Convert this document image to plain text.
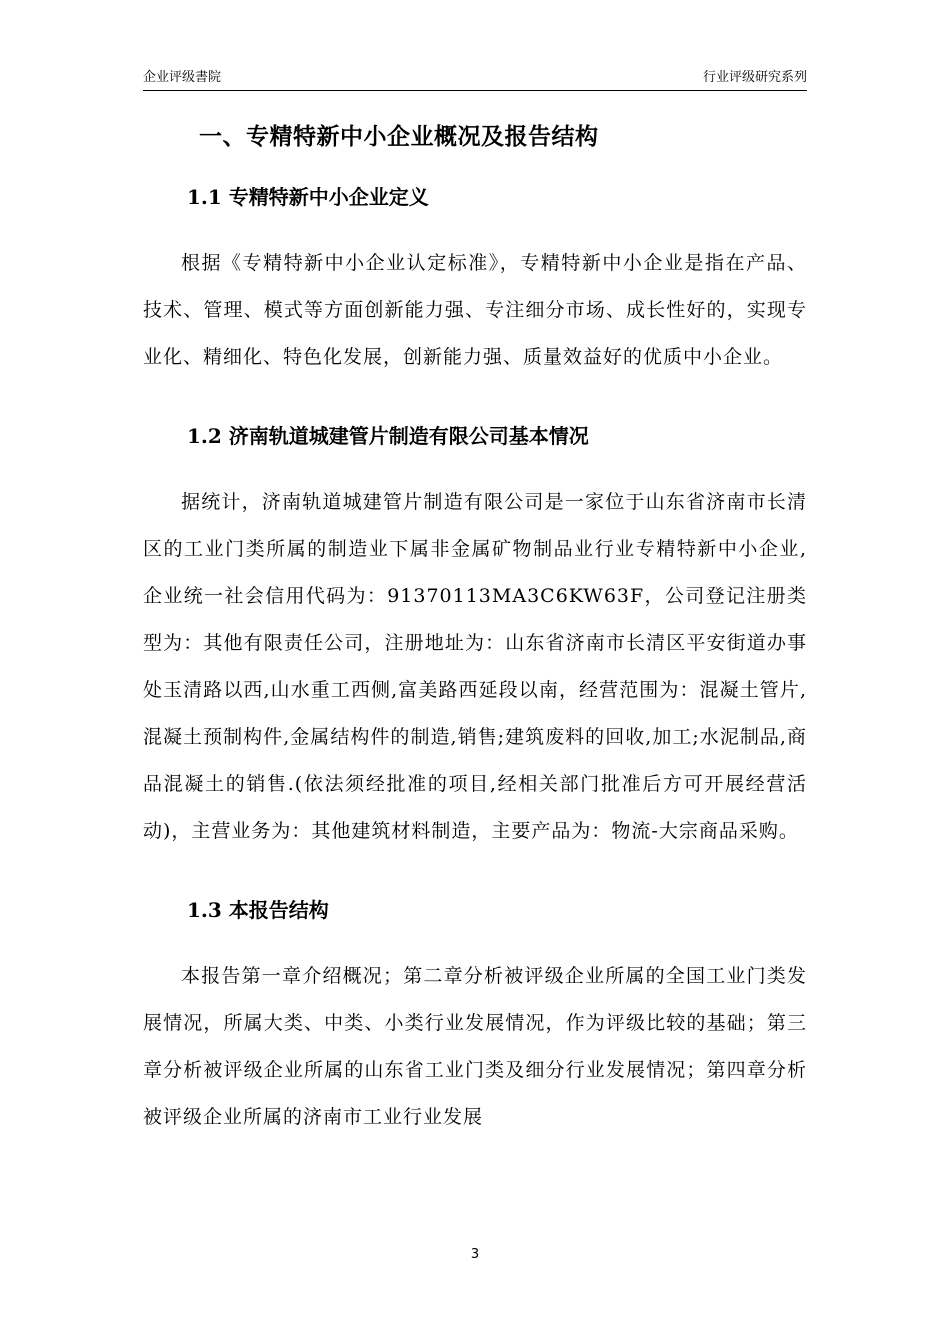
企业评级書院	行业评级研究系列
一、专精特新中小企业概况及报告结构
1.1 专精特新中小企业定义

根据《专精特新中小企业认定标准》，专精特新中小企业是指在产品、技术、管理、模式等方面创新能力强、专注细分市场、成长性好的，实现专业化、精细化、特色化发展，创新能力强、质量效益好的优质中小企业。

1.2 济南轨道城建管片制造有限公司基本情况

据统计，济南轨道城建管片制造有限公司是一家位于山东省济南市长清区的工业门类所属的制造业下属非金属矿物制品业行业专精特新中小企业,企业统一社会信用代码为：91370113MA3C6KW63F，公司登记注册类型为：其他有限责任公司，注册地址为：山东省济南市长清区平安街道办事处玉清路以西,山水重工西侧,富美路西延段以南，经营范围为：混凝土管片,混凝土预制构件,金属结构件的制造,销售;建筑废料的回收,加工;水泥制品,商品混凝土的销售.(依法须经批准的项目,经相关部门批准后方可开展经营活动)，主营业务为：其他建筑材料制造，主要产品为：物流-大宗商品采购。

1.3 本报告结构

本报告第一章介绍概况；第二章分析被评级企业所属的全国工业门类发展情况，所属大类、中类、小类行业发展情况，作为评级比较的基础；第三章分析被评级企业所属的山东省工业门类及细分行业发展情况；第四章分析被评级企业所属的济南市工业行业发展

3
